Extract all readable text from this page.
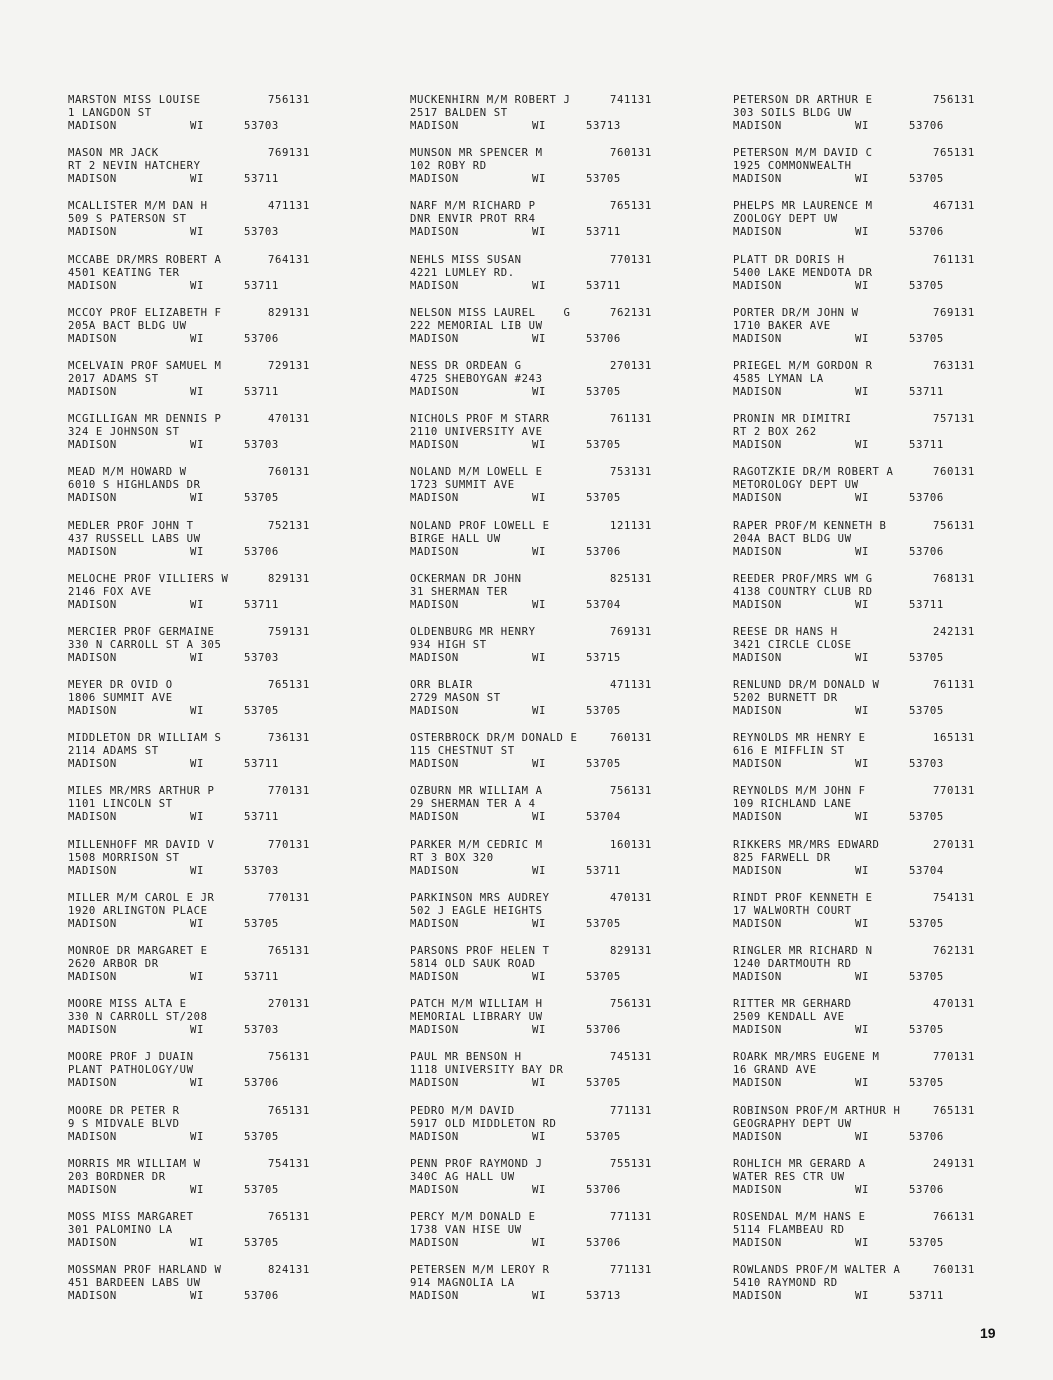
MARSTON MISS LOUISE	756131
1 LANGDON ST
MADISON	WI	53703
MASON MR JACK	769131
RT 2 NEVIN HATCHERY
MADISON	WI	53711
MCALLISTER M/M DAN H	471131
509 S PATERSON ST
MADISON	WI	53703
MCCABE DR/MRS ROBERT A	764131
4501 KEATING TER
MADISON	WI	53711
MCCOY PROF ELIZABETH F	829131
205A BACT BLDG UW
MADISON	WI	53706
MCELVAIN PROF SAMUEL M	729131
2017 ADAMS ST
MADISON	WI	53711
MCGILLIGAN MR DENNIS P	470131
324 E JOHNSON ST
MADISON	WI	53703
MEAD M/M HOWARD W	760131
6010 S HIGHLANDS DR
MADISON	WI	53705
MEDLER PROF JOHN T	752131
437 RUSSELL LABS UW
MADISON	WI	53706
MELOCHE PROF VILLIERS W	829131
2146 FOX AVE
MADISON	WI	53711
MERCIER PROF GERMAINE	759131
330 N CARROLL ST A 305
MADISON	WI	53703
MEYER DR OVID O	765131
1806 SUMMIT AVE
MADISON	WI	53705
MIDDLETON DR WILLIAM S	736131
2114 ADAMS ST
MADISON	WI	53711
MILES MR/MRS ARTHUR P	770131
1101 LINCOLN ST
MADISON	WI	53711
MILLENHOFF MR DAVID V	770131
1508 MORRISON ST
MADISON	WI	53703
MILLER M/M CAROL E JR	770131
1920 ARLINGTON PLACE
MADISON	WI	53705
MONROE DR MARGARET E	765131
2620 ARBOR DR
MADISON	WI	53711
MOORE MISS ALTA E	270131
330 N CARROLL ST/208
MADISON	WI	53703
MOORE PROF J DUAIN	756131
PLANT PATHOLOGY/UW
MADISON	WI	53706
MOORE DR PETER R	765131
9 S MIDVALE BLVD
MADISON	WI	53705
MORRIS MR WILLIAM W	754131
203 BORDNER DR
MADISON	WI	53705
MOSS MISS MARGARET	765131
301 PALOMINO LA
MADISON	WI	53705
MOSSMAN PROF HARLAND W	824131
451 BARDEEN LABS UW
MADISON	WI	53706
MUCKENHIRN M/M ROBERT J	741131
2517 BALDEN ST
MADISON	WI	53713
MUNSON MR SPENCER M	760131
102 ROBY RD
MADISON	WI	53705
NARF M/M RICHARD P	765131
DNR ENVIR PROT RR4
MADISON	WI	53711
NEHLS MISS SUSAN	770131
4221 LUMLEY RD.
MADISON	WI	53711
NELSON MISS LAUREL    G	762131
222 MEMORIAL LIB UW
MADISON	WI	53706
NESS DR ORDEAN G	270131
4725 SHEBOYGAN #243
MADISON	WI	53705
NICHOLS PROF M STARR	761131
2110 UNIVERSITY AVE
MADISON	WI	53705
NOLAND M/M LOWELL E	753131
1723 SUMMIT AVE
MADISON	WI	53705
NOLAND PROF LOWELL E	121131
BIRGE HALL UW
MADISON	WI	53706
OCKERMAN DR JOHN	825131
31 SHERMAN TER
MADISON	WI	53704
OLDENBURG MR HENRY	769131
934 HIGH ST
MADISON	WI	53715
ORR BLAIR	471131
2729 MASON ST
MADISON	WI	53705
OSTERBROCK DR/M DONALD E	760131
115 CHESTNUT ST
MADISON	WI	53705
OZBURN MR WILLIAM A	756131
29 SHERMAN TER A 4
MADISON	WI	53704
PARKER M/M CEDRIC M	160131
RT 3 BOX 320
MADISON	WI	53711
PARKINSON MRS AUDREY	470131
502 J EAGLE HEIGHTS
MADISON	WI	53705
PARSONS PROF HELEN T	829131
5814 OLD SAUK ROAD
MADISON	WI	53705
PATCH M/M WILLIAM H	756131
MEMORIAL LIBRARY UW
MADISON	WI	53706
PAUL MR BENSON H	745131
1118 UNIVERSITY BAY DR
MADISON	WI	53705
PEDRO M/M DAVID	771131
5917 OLD MIDDLETON RD
MADISON	WI	53705
PENN PROF RAYMOND J	755131
340C AG HALL UW
MADISON	WI	53706
PERCY M/M DONALD E	771131
1738 VAN HISE UW
MADISON	WI	53706
PETERSEN M/M LEROY R	771131
914 MAGNOLIA LA
MADISON	WI	53713
PETERSON DR ARTHUR E	756131
303 SOILS BLDG UW
MADISON	WI	53706
PETERSON M/M DAVID C	765131
1925 COMMONWEALTH
MADISON	WI	53705
PHELPS MR LAURENCE M	467131
ZOOLOGY DEPT UW
MADISON	WI	53706
PLATT DR DORIS H	761131
5400 LAKE MENDOTA DR
MADISON	WI	53705
PORTER DR/M JOHN W	769131
1710 BAKER AVE
MADISON	WI	53705
PRIEGEL M/M GORDON R	763131
4585 LYMAN LA
MADISON	WI	53711
PRONIN MR DIMITRI	757131
RT 2 BOX 262
MADISON	WI	53711
RAGOTZKIE DR/M ROBERT A	760131
METOROLOGY DEPT UW
MADISON	WI	53706
RAPER PROF/M KENNETH B	756131
204A BACT BLDG UW
MADISON	WI	53706
REEDER PROF/MRS WM G	768131
4138 COUNTRY CLUB RD
MADISON	WI	53711
REESE DR HANS H	242131
3421 CIRCLE CLOSE
MADISON	WI	53705
RENLUND DR/M DONALD W	761131
5202 BURNETT DR
MADISON	WI	53705
REYNOLDS MR HENRY E	165131
616 E MIFFLIN ST
MADISON	WI	53703
REYNOLDS M/M JOHN F	770131
109 RICHLAND LANE
MADISON	WI	53705
RIKKERS MR/MRS EDWARD	270131
825 FARWELL DR
MADISON	WI	53704
RINDT PROF KENNETH E	754131
17 WALWORTH COURT
MADISON	WI	53705
RINGLER MR RICHARD N	762131
1240 DARTMOUTH RD
MADISON	WI	53705
RITTER MR GERHARD	470131
2509 KENDALL AVE
MADISON	WI	53705
ROARK MR/MRS EUGENE M	770131
16 GRAND AVE
MADISON	WI	53705
ROBINSON PROF/M ARTHUR H	765131
GEOGRAPHY DEPT UW
MADISON	WI	53706
ROHLICH MR GERARD A	249131
WATER RES CTR UW
MADISON	WI	53706
ROSENDAL M/M HANS E	766131
5114 FLAMBEAU RD
MADISON	WI	53705
ROWLANDS PROF/M WALTER A	760131
5410 RAYMOND RD
MADISON	WI	53711
19
